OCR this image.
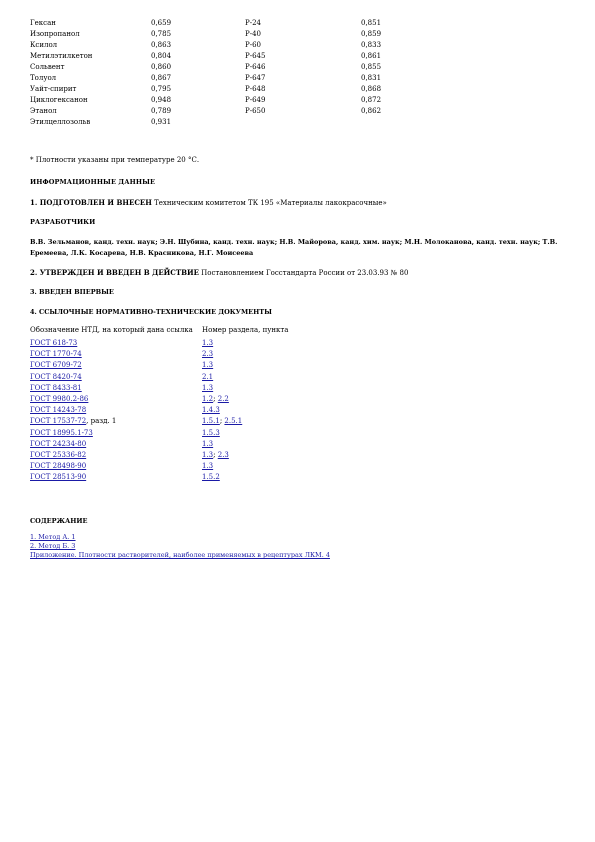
Гексан	0,659	Р-24	0,851
Изопропанол	0,785	Р-40	0,859
Ксилол	0,863	Р-60	0,833
Метилэтилкетон	0,804	Р-645	0,861
Сольвент	0,860	Р-646	0,855
Толуол	0,867	Р-647	0,831
Уайт-спирит	0,795	Р-648	0,868
Циклогексанон	0,948	Р-649	0,872
Этанол	0,789	Р-650	0,862
Этилцеллозольв	0,931		
* Плотности указаны при температуре 20 °С.
ИНФОРМАЦИОННЫЕ ДАННЫЕ
1. ПОДГОТОВЛЕН И ВНЕСЕН Техническим комитетом ТК 195 «Материалы лакокрасочные»
РАЗРАБОТЧИКИ
В.В. Зельманов, канд. техн. наук; Э.Н. Шубина, канд. техн. наук; Н.В. Майорова, канд. хим. наук; М.Н. Молоканова, канд. техн. наук; Т.В. Еремеева, Л.К. Косарева, Н.В. Красникова, Н.Г. Моисеева
2. УТВЕРЖДЕН И ВВЕДЕН В ДЕЙСТВИЕ Постановлением Госстандарта России от 23.03.93 № 80
3. ВВЕДЕН ВПЕРВЫЕ
4. ССЫЛОЧНЫЕ НОРМАТИВНО-ТЕХНИЧЕСКИЕ ДОКУМЕНТЫ
Обозначение НТД, на который дана ссылка	Номер раздела, пункта
ГОСТ 618-73	1.3
ГОСТ 1770-74	2.3
ГОСТ 6709-72	1.3
ГОСТ 8420-74	2.1
ГОСТ 8433-81	1.3
ГОСТ 9980.2-86	1.2; 2.2
ГОСТ 14243-78	1.4.3
ГОСТ 17537-72, разд. 1	1.5.1; 2.5.1
ГОСТ 18995.1-73	1.5.3
ГОСТ 24234-80	1.3
ГОСТ 25336-82	1.3; 2.3
ГОСТ 28498-90	1.3
ГОСТ 28513-90	1.5.2
СОДЕРЖАНИЕ
1. Метод А. 1
2. Метод Б. 3
Приложение. Плотности растворителей, наиболее применяемых в рецептурах ЛКМ. 4
